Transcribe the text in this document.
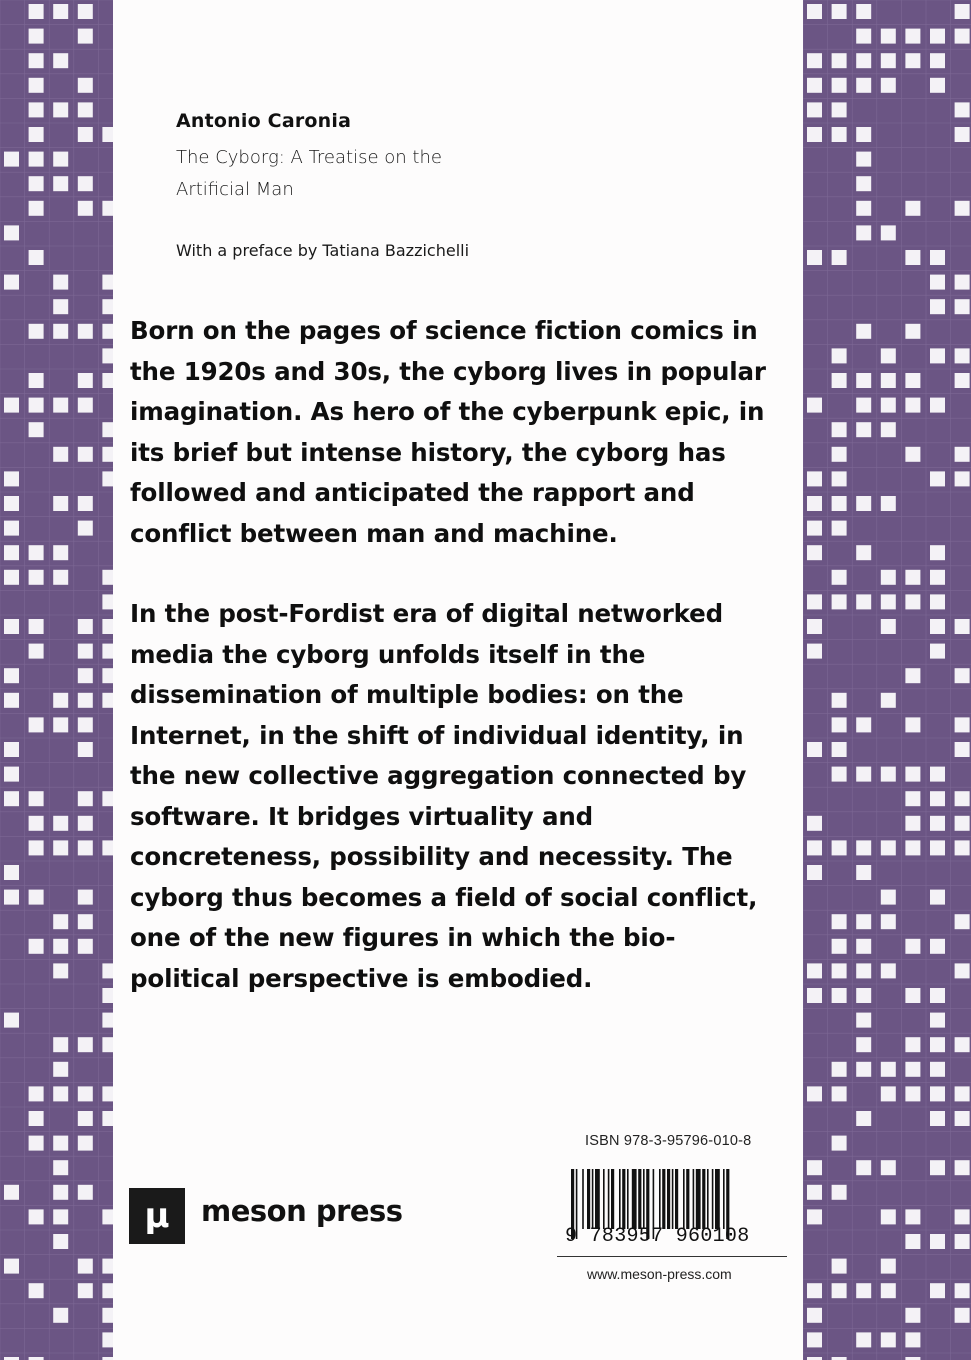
Antonio Caronia
The Cyborg: A Treatise on the Artificial Man
With a preface by Tatiana Bazzichelli

Born on the pages of science fiction comics in the 1920s and 30s, the cyborg lives in popular imagination. As hero of the cyberpunk epic, in its brief but intense history, the cyborg has followed and anticipated the rapport and conflict between man and machine.

In the post-Fordist era of digital networked media the cyborg unfolds itself in the dissemination of multiple bodies: on the Internet, in the shift of individual identity, in the new collective aggregation connected by software. It bridges virtuality and concreteness, possibility and necessity. The cyborg thus becomes a field of social conflict, one of the new figures in which the bio-political perspective is embodied.

μ	meson press
ISBN 978-3-95796-010-8
9 783957 960108
www.meson-press.com
